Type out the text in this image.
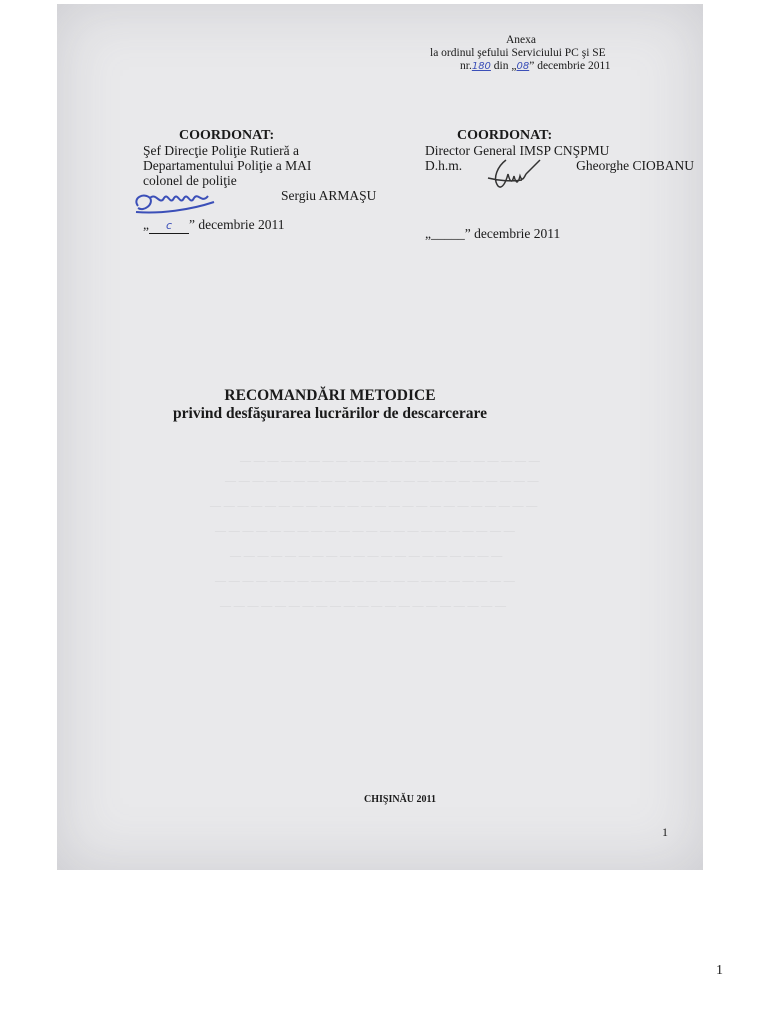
— — — — — — — — — — — — — — — — — — — — — —
— — — — — — — — — — — — — — — — — — — — — — —
— — — — — — — — — — — — — — — — — — — — — — — —
— — — — — — — — — — — — — — — — — — — — — —
— — — — — — — — — — — — — — — — — — — —
— — — — — — — — — — — — — — — — — — — — — —
— — — — — — — — — — — — — — — — — — — — —
Anexa
la ordinul şefului Serviciului PC şi SE
nr.180 din „08” decembrie 2011
COORDONAT:
Şef Direcţie Poliţie Rutieră a
Departamentului Poliţie a MAI
colonel de poliţie
Sergiu ARMAŞU
„ c ” decembrie 2011
COORDONAT:
Director General IMSP CNŞPMU
D.h.m.	Gheorghe CIOBANU
„_____” decembrie 2011
RECOMANDĂRI METODICE
privind desfăşurarea lucrărilor de descarcerare
CHIŞINĂU 2011
1
1
